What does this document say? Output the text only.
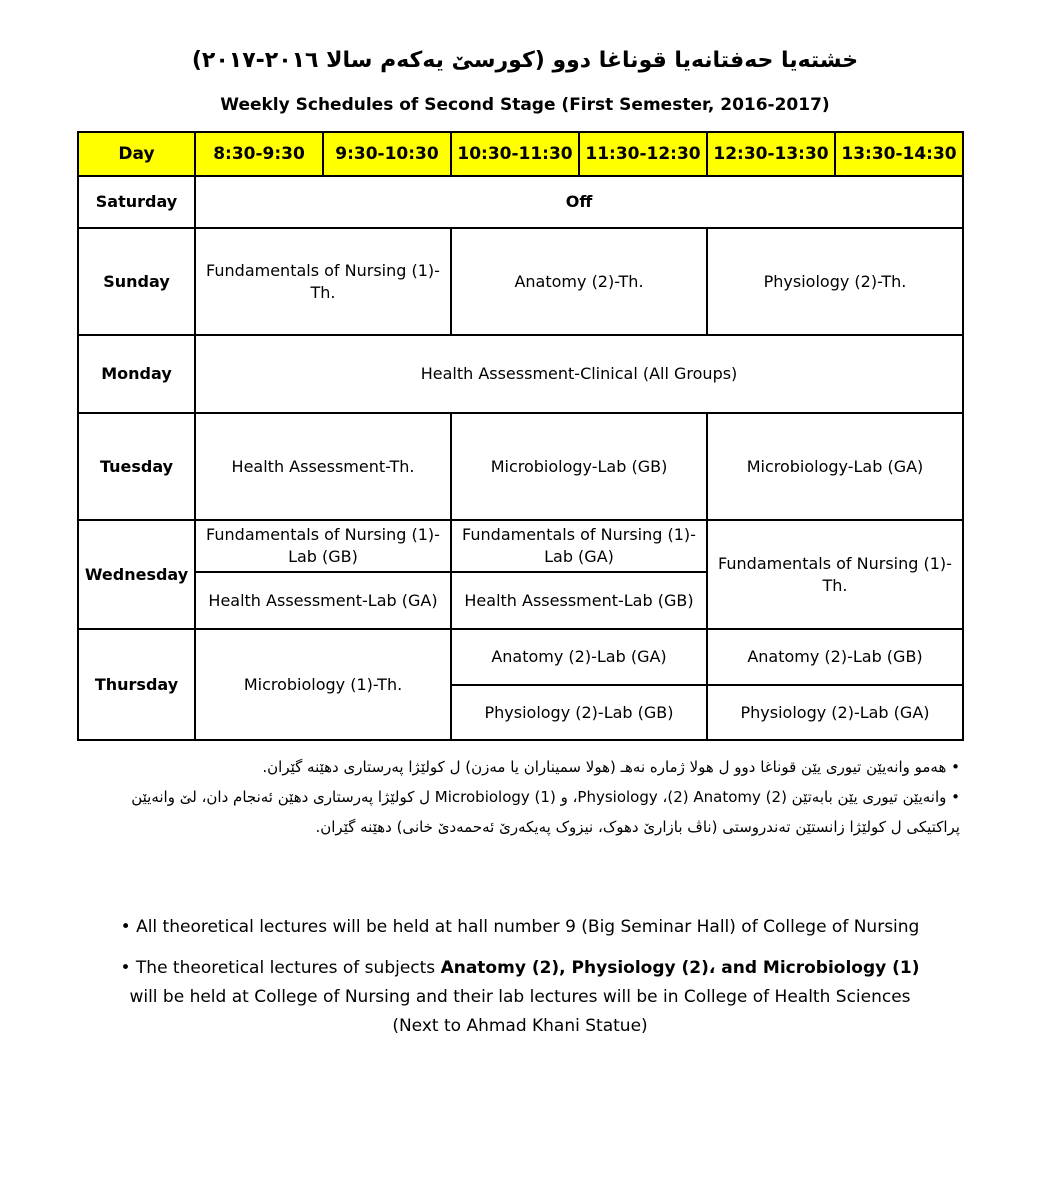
خشتەیا حەفتانەیا قوناغا دوو (کورسێ یەکەم سالا ٢٠١٦-٢٠١٧)
Weekly Schedules of Second Stage (First Semester, 2016-2017)
Day	8:30-9:30	9:30-10:30	10:30-11:30	11:30-12:30	12:30-13:30	13:30-14:30
Saturday	Off					
Sunday	Fundamentals of Nursing (1)-Th.		Anatomy (2)-Th.		Physiology (2)-Th.	
Monday	Health Assessment-Clinical (All Groups)					
Tuesday	Health Assessment-Th.		Microbiology-Lab (GB)		Microbiology-Lab (GA)	
Wednesday	Fundamentals of Nursing (1)-Lab (GB)		Fundamentals of Nursing (1)-Lab (GA)		Fundamentals of Nursing (1)-Th.	
	Health Assessment-Lab (GA)		Health Assessment-Lab (GB)			
Thursday	Microbiology (1)-Th.		Anatomy (2)-Lab (GA)		Anatomy (2)-Lab (GB)	
			Physiology (2)-Lab (GB)		Physiology (2)-Lab (GA)	

• هەمو وانەیێن تیوری یێن قوناغا دوو ل هولا ژمارە نەهـ (هولا سمیناران یا مەزن) ل کولێژا پەرستاری دهێنە گێران.

• وانەیێن تیوری یێن بابەتێن (2) Physiology ،(2) Anatomy، و Microbiology (1) ل کولێژا پەرستاری دهێن ئەنجام دان، لێ وانەیێن پراکتیکی ل کولێژا زانستێن تەندروستی (ناڤ بازارێ دهوک، نیزوک پەیکەرێ ئەحمەدێ خانی) دهێنە گێران.

• All theoretical lectures will be held at hall number 9 (Big Seminar Hall) of College of Nursing

• The theoretical lectures of subjects Anatomy (2), Physiology (2)، and Microbiology (1)
will be held at College of Nursing and their lab lectures will be in College of Health Sciences
(Next to Ahmad Khani Statue)
